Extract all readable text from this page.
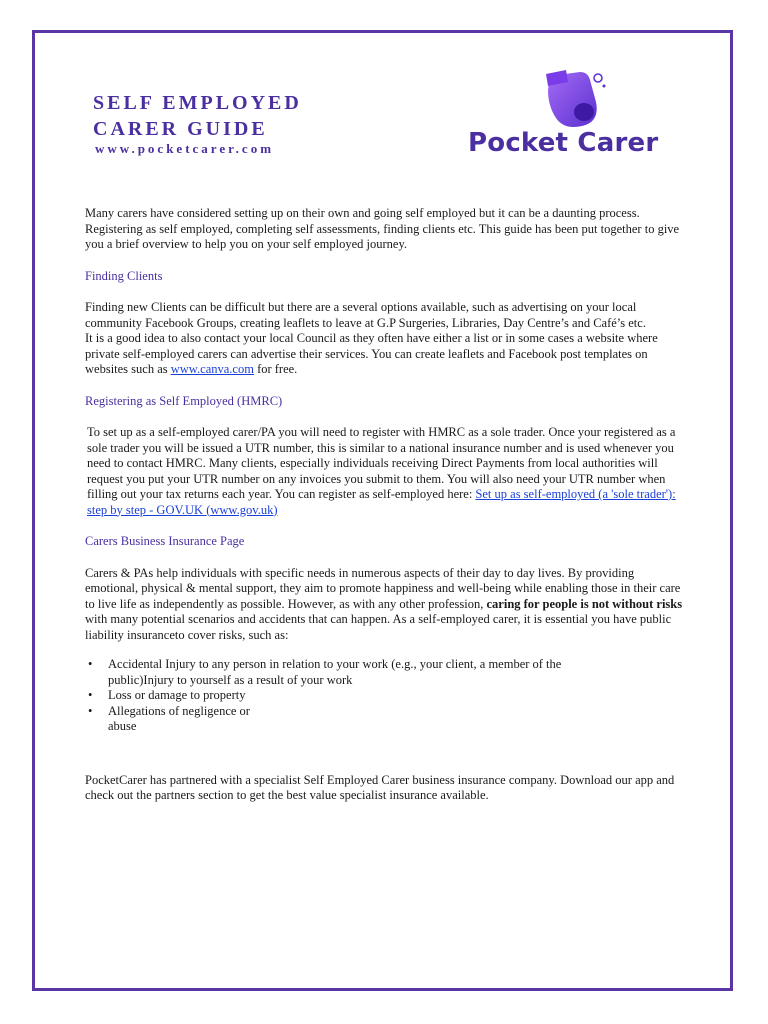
SELF EMPLOYED
CARER GUIDE
www.pocketcarer.com	Pocket Carer

Many carers have considered setting up on their own and going self employed but it can be a daunting process. Registering as self employed, completing self assessments, finding clients etc. This guide has been put together to give you a brief overview to help you on your self employed journey.

Finding Clients

Finding new Clients can be difficult but there are a several options available, such as advertising on your local community Facebook Groups, creating leaflets to leave at G.P Surgeries, Libraries, Day Centre’s and Café’s etc.

It is a good idea to also contact your local Council as they often have either a list or in some cases a website where private self-employed carers can advertise their services. You can create leaflets and Facebook post templates on websites such as www.canva.com for free.

Registering as Self Employed (HMRC)

To set up as a self-employed carer/PA you will need to register with HMRC as a sole trader. Once your registered as a sole trader you will be issued a UTR number, this is similar to a national insurance number and is used whenever you need to contact HMRC. Many clients, especially individuals receiving Direct Payments from local authorities will request you put your UTR number on any invoices you submit to them. You will also need your UTR number when filling out your tax returns each year. You can register as self-employed here: Set up as self-employed (a 'sole trader'): step by step - GOV.UK (www.gov.uk)

Carers Business Insurance Page

Carers & PAs help individuals with specific needs in numerous aspects of their day to day lives. By providing emotional, physical & mental support, they aim to promote happiness and well-being while enabling those in their care to live life as independently as possible. However, as with any other profession, caring for people is not without risks with many potential scenarios and accidents that can happen. As a self-employed carer, it is essential you have public liability insuranceto cover risks, such as:

• Accidental Injury to any person in relation to your work (e.g., your client, a member of the public)Injury to yourself as a result of your work
• Loss or damage to property
• Allegations of negligence or abuse

PocketCarer has partnered with a specialist Self Employed Carer business insurance company. Download our app and check out the partners section to get the best value specialist insurance available.
